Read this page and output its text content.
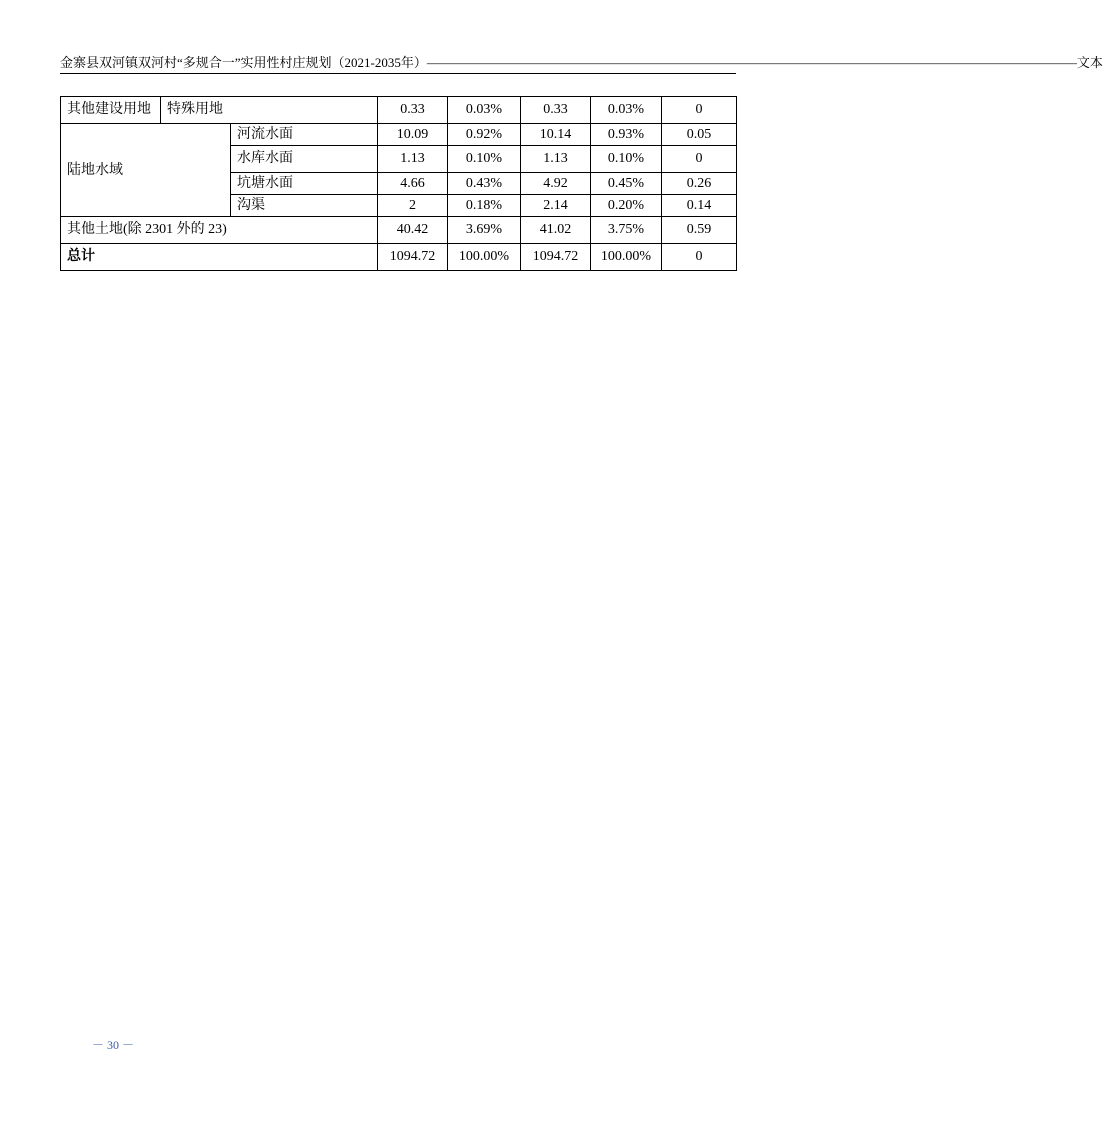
金寨县双河镇双河村“多规合一”实用性村庄规划（2021-2035年） —————————————————————————————————————————————————— 文本
其他建设用地	特殊用地		0.33	0.03%	0.33	0.03%	0
陆地水域		河流水面	10.09	0.92%	10.14	0.93%	0.05
		水库水面	1.13	0.10%	1.13	0.10%	0
		坑塘水面	4.66	0.43%	4.92	0.45%	0.26
		沟渠	2	0.18%	2.14	0.20%	0.14
其他土地(除 2301 外的 23)			40.42	3.69%	41.02	3.75%	0.59
总计			1094.72	100.00%	1094.72	100.00%	0
－ 30 －
